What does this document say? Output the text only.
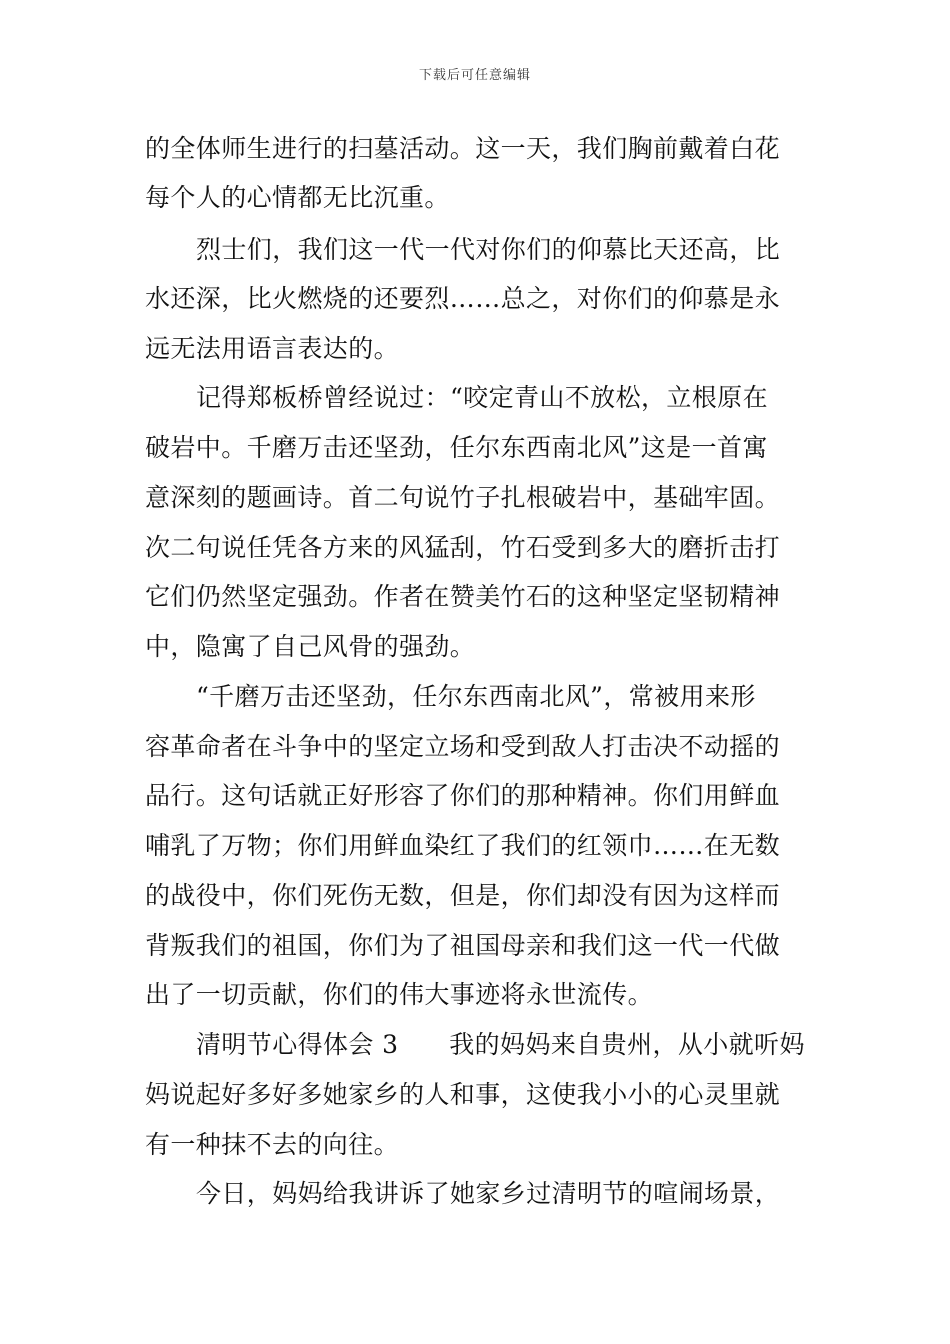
下载后可任意编辑
的全体师生进行的扫墓活动。这一天，我们胸前戴着白花
每个人的心情都无比沉重。
烈士们，我们这一代一代对你们的仰慕比天还高，比
水还深，比火燃烧的还要烈……总之，对你们的仰慕是永
远无法用语言表达的。
记得郑板桥曾经说过：“咬定青山不放松，立根原在
破岩中。千磨万击还坚劲，任尔东西南北风”这是一首寓
意深刻的题画诗。首二句说竹子扎根破岩中，基础牢固。
次二句说任凭各方来的风猛刮，竹石受到多大的磨折击打
它们仍然坚定强劲。作者在赞美竹石的这种坚定坚韧精神
中，隐寓了自己风骨的强劲。
“千磨万击还坚劲，任尔东西南北风”，常被用来形
容革命者在斗争中的坚定立场和受到敌人打击决不动摇的
品行。这句话就正好形容了你们的那种精神。你们用鲜血
哺乳了万物；你们用鲜血染红了我们的红领巾……在无数
的战役中，你们死伤无数，但是，你们却没有因为这样而
背叛我们的祖国，你们为了祖国母亲和我们这一代一代做
出了一切贡献，你们的伟大事迹将永世流传。
清明节心得体会 3　　我的妈妈来自贵州，从小就听妈
妈说起好多好多她家乡的人和事，这使我小小的心灵里就
有一种抹不去的向往。
今日，妈妈给我讲诉了她家乡过清明节的喧闹场景，
